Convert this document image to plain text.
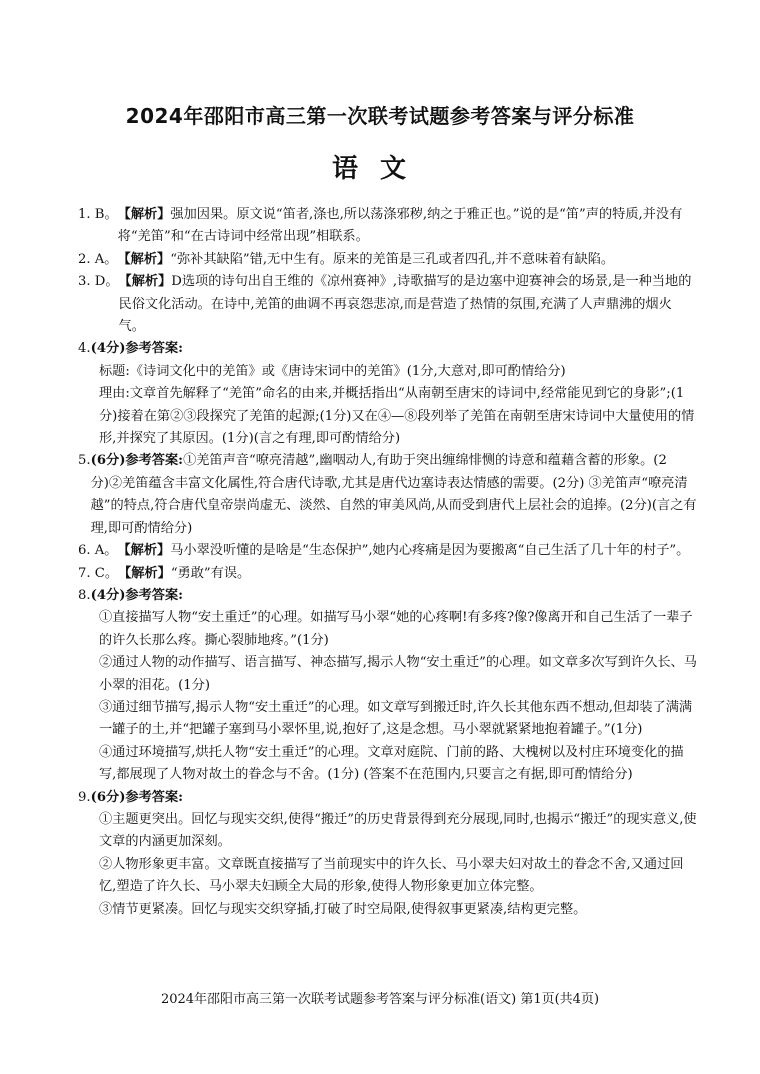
2024年邵阳市高三第一次联考试题参考答案与评分标准
语文
1. B。 【解析】强加因果。原文说“笛者,涤也,所以荡涤邪秽,纳之于雅正也。”说的是“笛”声的特质,并没有将“羌笛”和“在古诗词中经常出现”相联系。
2. A。 【解析】“弥补其缺陷”错,无中生有。原来的羌笛是三孔或者四孔,并不意味着有缺陷。
3. D。 【解析】D选项的诗句出自王维的《凉州赛神》,诗歌描写的是边塞中迎赛神会的场景,是一种当地的民俗文化活动。在诗中,羌笛的曲调不再哀怨悲凉,而是营造了热情的氛围,充满了人声鼎沸的烟火气。
4. (4分)参考答案:
标题:《诗词文化中的羌笛》或《唐诗宋词中的羌笛》(1分,大意对,即可酌情给分)
理由:文章首先解释了“羌笛”命名的由来,并概括指出“从南朝至唐宋的诗词中,经常能见到它的身影”;(1分)接着在第②③段探究了羌笛的起源;(1分)又在④—⑧段列举了羌笛在南朝至唐宋诗词中大量使用的情形,并探究了其原因。(1分)(言之有理,即可酌情给分)
5. (6分)参考答案:①羌笛声音“嘹亮清越”,幽咽动人,有助于突出缠绵悱恻的诗意和蕴藉含蓄的形象。(2分)②羌笛蕴含丰富文化属性,符合唐代诗歌,尤其是唐代边塞诗表达情感的需要。(2分) ③羌笛声“嘹亮清越”的特点,符合唐代皇帝崇尚虚无、淡然、自然的审美风尚,从而受到唐代上层社会的追捧。(2分)(言之有理,即可酌情给分)
6. A。 【解析】马小翠没听懂的是啥是“生态保护”,她内心疼痛是因为要搬离“自己生活了几十年的村子”。
7. C。 【解析】“勇敢”有误。
8. (4分)参考答案:
①直接描写人物“安土重迁”的心理。如描写马小翠“她的心疼啊!有多疼?像?像离开和自己生活了一辈子的许久长那么疼。撕心裂肺地疼。”(1分)
②通过人物的动作描写、语言描写、神态描写,揭示人物“安土重迁”的心理。如文章多次写到许久长、马小翠的泪花。(1分)
③通过细节描写,揭示人物“安土重迁”的心理。如文章写到搬迁时,许久长其他东西不想动,但却装了满满一罐子的土,并“把罐子塞到马小翠怀里,说,抱好了,这是念想。马小翠就紧紧地抱着罐子。”(1分)
④通过环境描写,烘托人物“安土重迁”的心理。文章对庭院、门前的路、大槐树以及村庄环境变化的描写,都展现了人物对故土的眷念与不舍。(1分) (答案不在范围内,只要言之有据,即可酌情给分)
9. (6分)参考答案:
①主题更突出。回忆与现实交织,使得“搬迁”的历史背景得到充分展现,同时,也揭示“搬迁”的现实意义,使文章的内涵更加深刻。
②人物形象更丰富。文章既直接描写了当前现实中的许久长、马小翠夫妇对故土的眷念不舍,又通过回忆,塑造了许久长、马小翠夫妇顾全大局的形象,使得人物形象更加立体完整。
③情节更紧凑。回忆与现实交织穿插,打破了时空局限,使得叙事更紧凑,结构更完整。
2024年邵阳市高三第一次联考试题参考答案与评分标准(语文) 第1页(共4页)
